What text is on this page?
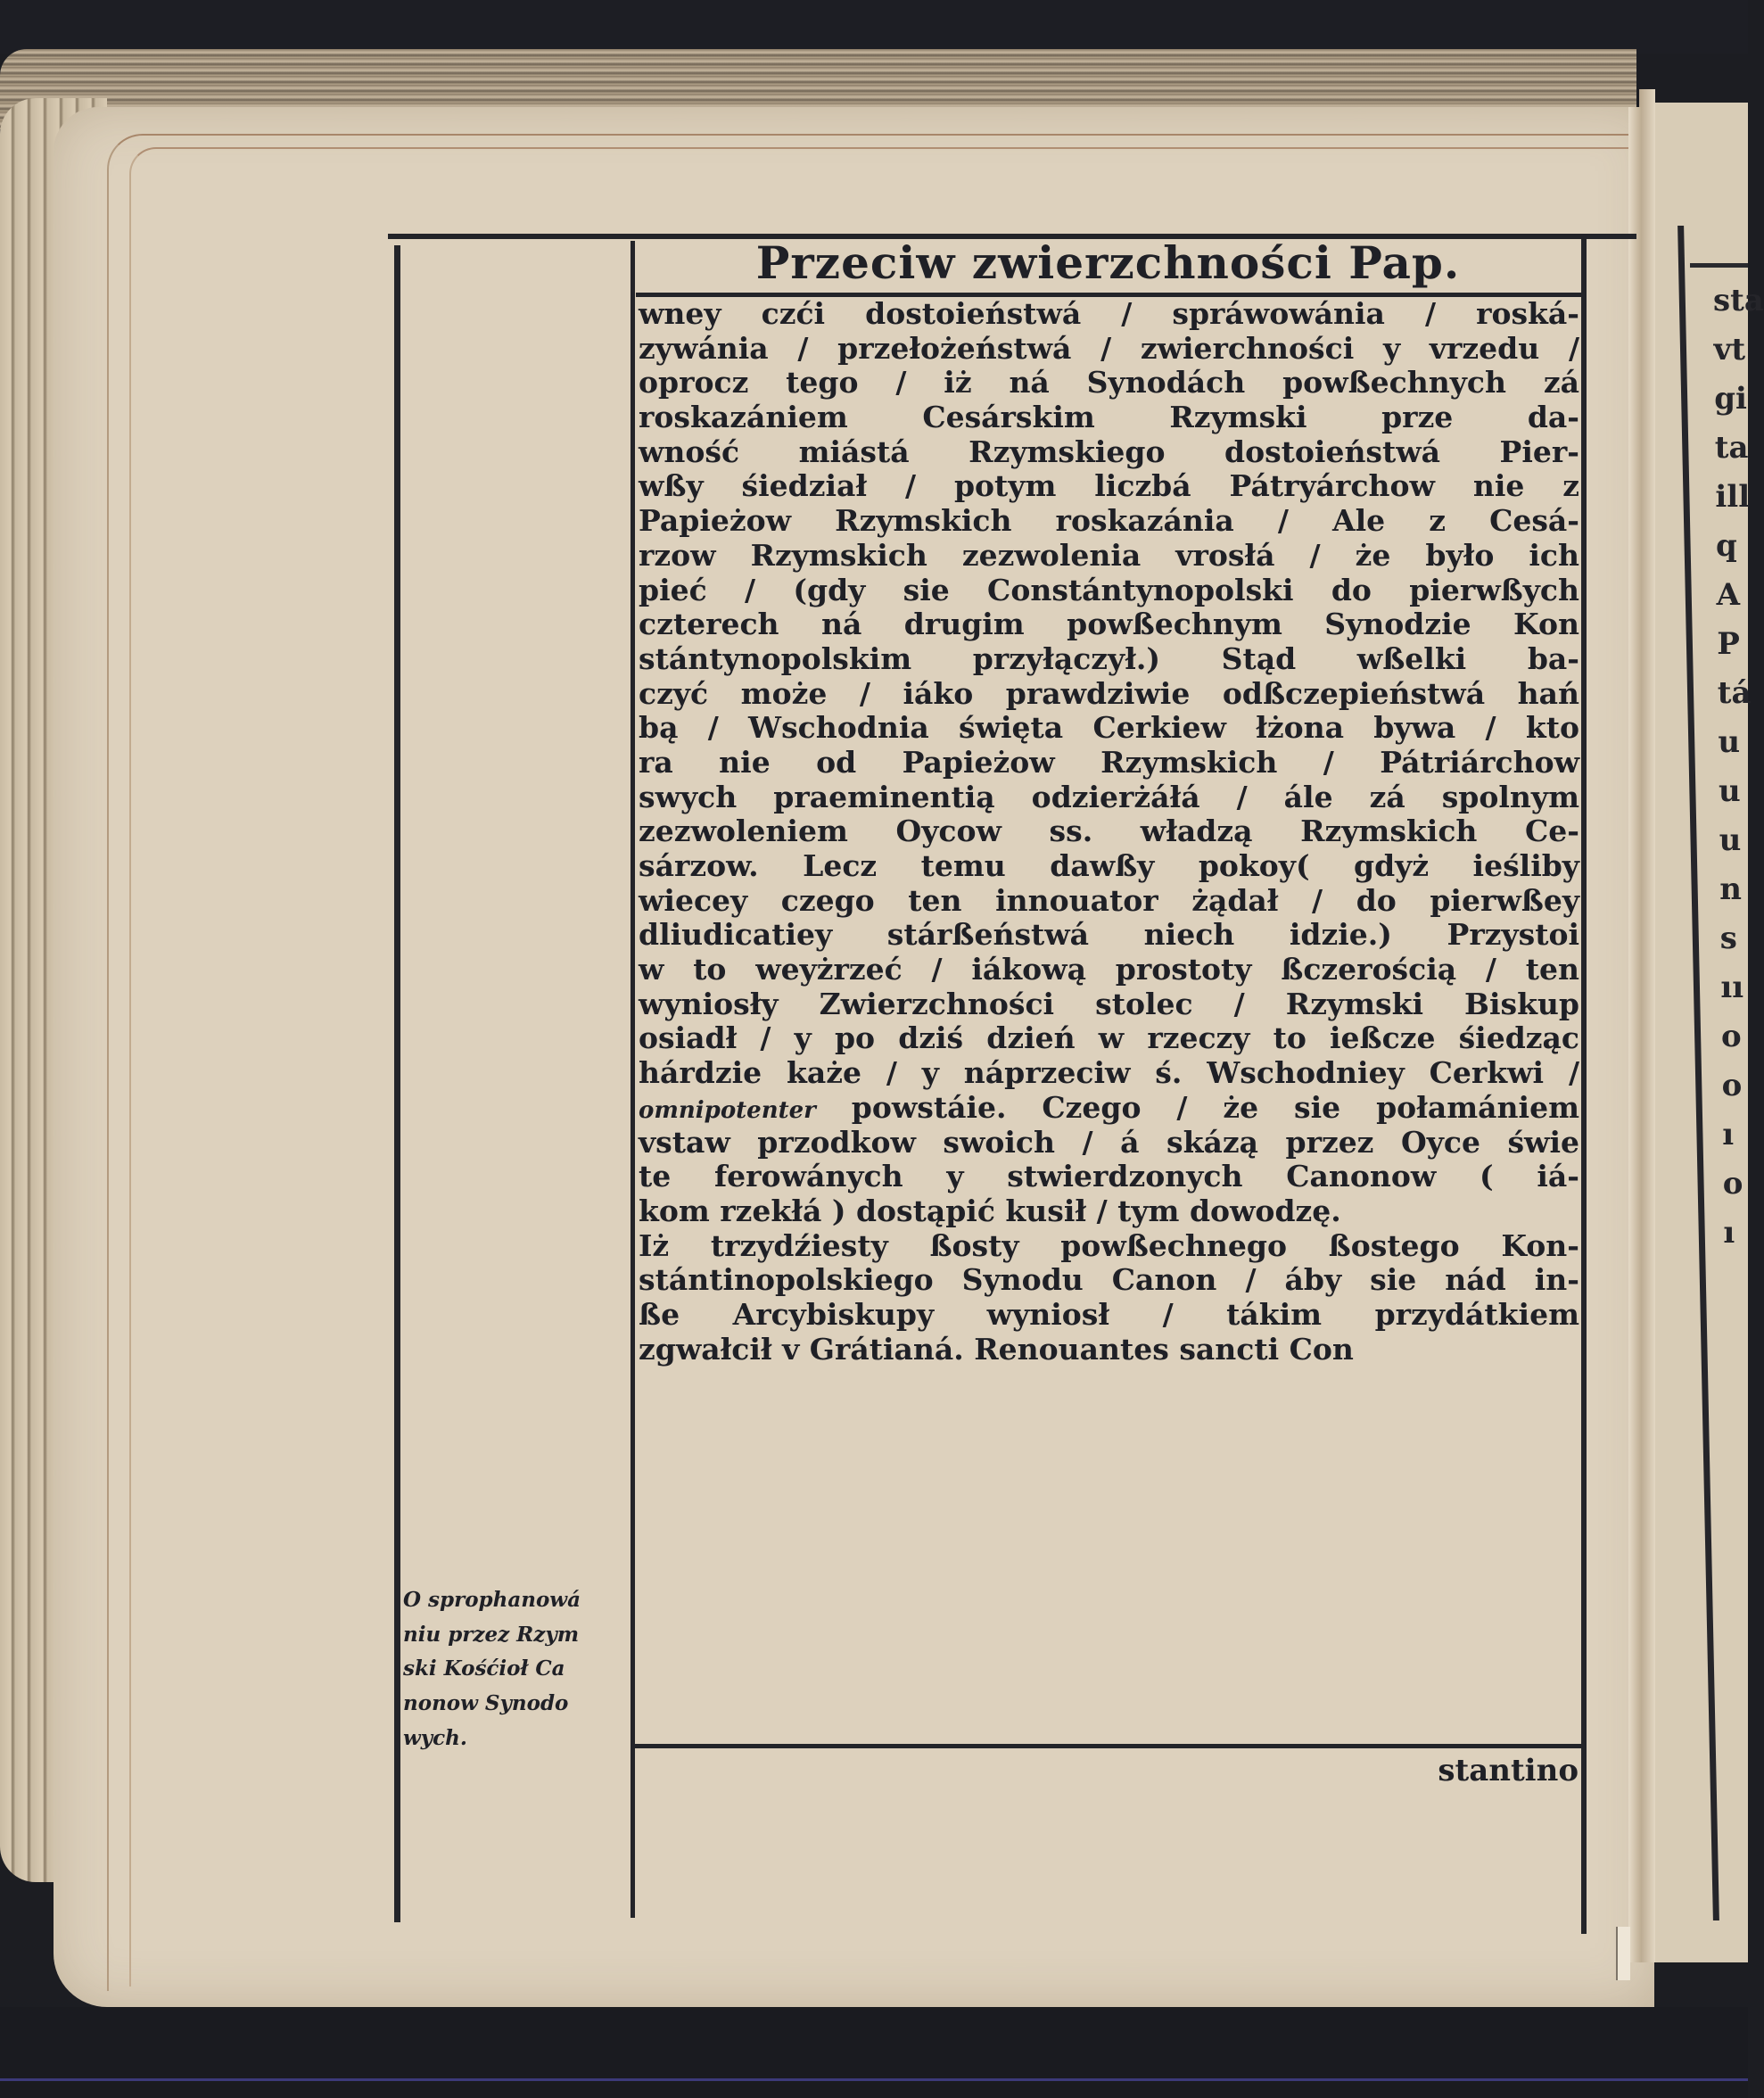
sta
vt
gi
ta
ill
q
A
P
tá
u
u
u
n
s
ıı
o
o
ı
o
ı
Przeciw zwierzchności Pap.
wney czći dostoieństwá / spráwowánia / roská-
zywánia / przełożeństwá / zwierchności y vrzedu /
oprocz tego / iż ná Synodách powßechnych zá
roskazániem Cesárskim Rzymski prze da-
wność miástá Rzymskiego dostoieństwá Pier-
wßy śiedział / potym liczbá Pátryárchow nie z
Papieżow Rzymskich roskazánia / Ale z Cesá-
rzow Rzymskich zezwolenia vrosłá / że było ich
pieć / (gdy sie Constántynopolski do pierwßych
czterech ná drugim powßechnym Synodzie Kon
stántynopolskim przyłączył.) Stąd wßelki ba-
czyć może / iáko prawdziwie odßczepieństwá hań
bą / Wschodnia święta Cerkiew łżona bywa / kto
ra nie od Papieżow Rzymskich / Pátriárchow
swych praeminentią odzierżáłá / ále zá spolnym
zezwoleniem Oycow ss. władzą Rzymskich Ce-
sárzow. Lecz temu dawßy pokoy( gdyż ieśliby
wiecey czego ten innouator żądał / do pierwßey
dliudicatiey stárßeństwá niech idzie.) Przystoi
w to weyżrzeć / iákową prostoty ßczerością / ten
wyniosły Zwierzchności stolec / Rzymski Biskup
osiadł / y po dziś dzień w rzeczy to ießcze śiedząc
hárdzie każe / y náprzeciw ś. Wschodniey Cerkwi /
omnipotenter powstáie. Czego / że sie połamániem
vstaw przodkow swoich / á skázą przez Oyce świe
te ferowánych y stwierdzonych Canonow ( iá-
kom rzekłá ) dostąpić kusił / tym dowodzę.
Iż trzydźiesty ßosty powßechnego ßostego Kon-
stántinopolskiego Synodu Canon / áby sie nád in-
ße Arcybiskupy wyniosł / tákim przydátkiem
zgwałcił v Grátianá. Renouantes sancti Con
O sprophanowá
niu przez Rzym
ski Kośćioł Ca
nonow Synodo
wych.
stantino
